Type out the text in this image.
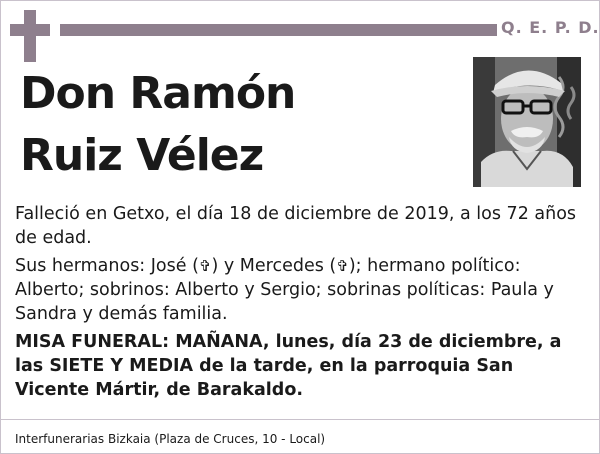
Q. E. P. D.
Don Ramón
Ruiz Vélez

Falleció en Getxo, el día 18 de diciembre de 2019, a los 72 años de edad.

Sus hermanos: José (✞) y Mercedes (✞); hermano político: Alberto; sobrinos: Alberto y Sergio; sobrinas políticas: Paula y Sandra y demás familia.

MISA FUNERAL: MAÑANA, lunes, día 23 de diciembre, a las SIETE Y MEDIA de la tarde, en la parroquia San Vicente Mártir, de Barakaldo.

Interfunerarias Bizkaia (Plaza de Cruces, 10 - Local)
